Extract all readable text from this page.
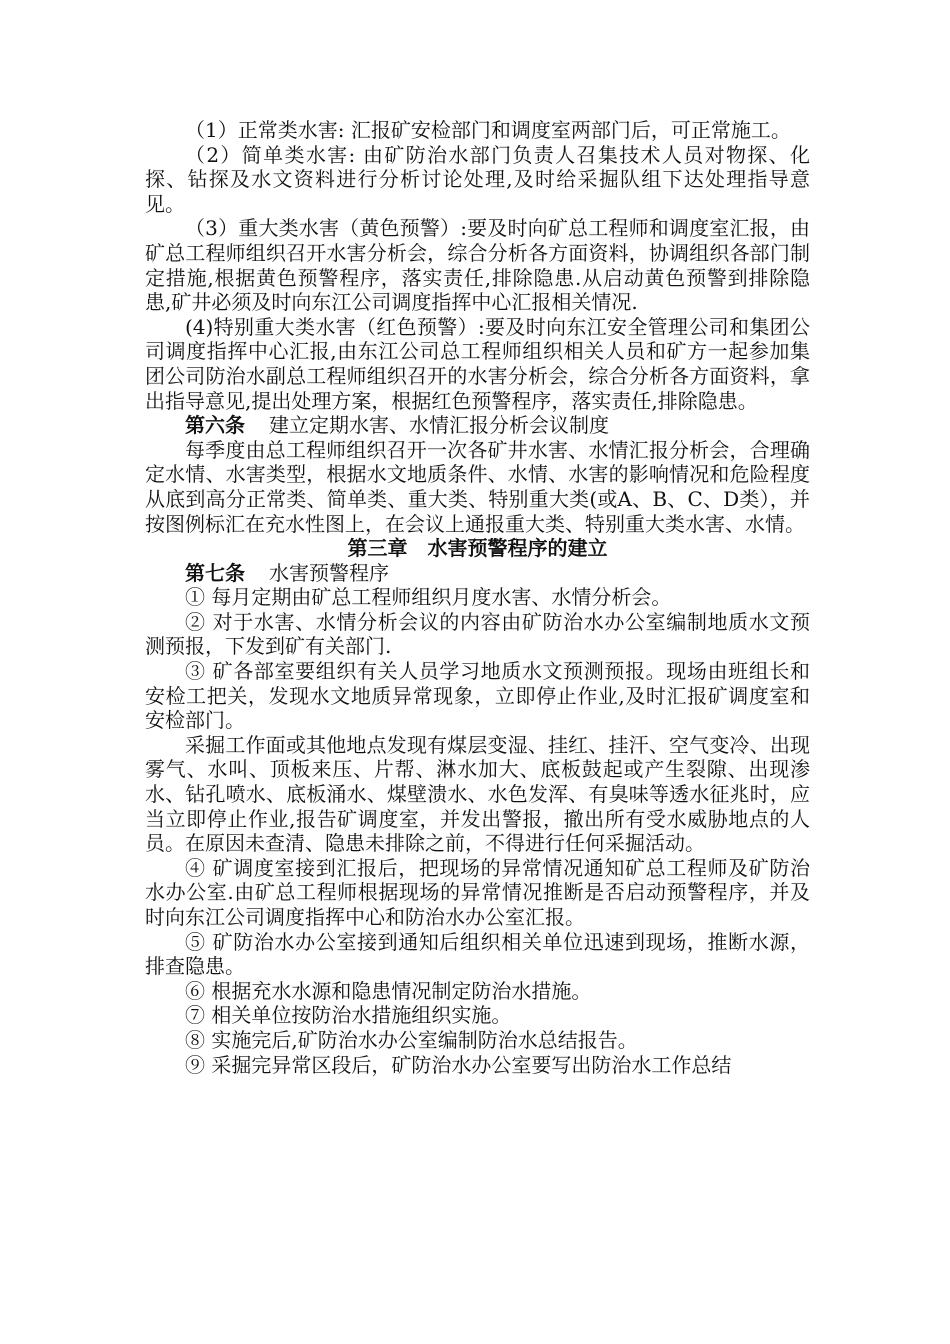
（1）正常类水害: 汇报矿安检部门和调度室两部门后，可正常施工。

（2）简单类水害: 由矿防治水部门负责人召集技术人员对物探、化探、钻探及水文资料进行分析讨论处理,及时给采掘队组下达处理指导意见。

（3）重大类水害（黄色预警）:要及时向矿总工程师和调度室汇报，由矿总工程师组织召开水害分析会，综合分析各方面资料，协调组织各部门制定措施,根据黄色预警程序，落实责任,排除隐患.从启动黄色预警到排除隐患,矿井必须及时向东江公司调度指挥中心汇报相关情况.

(4)特别重大类水害（红色预警）:要及时向东江安全管理公司和集团公司调度指挥中心汇报,由东江公司总工程师组织相关人员和矿方一起参加集团公司防治水副总工程师组织召开的水害分析会，综合分析各方面资料，拿出指导意见,提出处理方案，根据红色预警程序，落实责任,排除隐患。

第六条 建立定期水害、水情汇报分析会议制度

每季度由总工程师组织召开一次各矿井水害、水情汇报分析会，合理确定水情、水害类型，根据水文地质条件、水情、水害的影响情况和危险程度从底到高分正常类、简单类、重大类、特别重大类(或A、B、C、D类），并按图例标汇在充水性图上，在会议上通报重大类、特别重大类水害、水情。

第三章　水害预警程序的建立

第七条 水害预警程序

① 每月定期由矿总工程师组织月度水害、水情分析会。

② 对于水害、水情分析会议的内容由矿防治水办公室编制地质水文预测预报，下发到矿有关部门.

③ 矿各部室要组织有关人员学习地质水文预测预报。现场由班组长和安检工把关，发现水文地质异常现象，立即停止作业,及时汇报矿调度室和安检部门。

采掘工作面或其他地点发现有煤层变湿、挂红、挂汗、空气变冷、出现雾气、水叫、顶板来压、片帮、淋水加大、底板鼓起或产生裂隙、出现渗水、钻孔喷水、底板涌水、煤壁溃水、水色发浑、有臭味等透水征兆时，应当立即停止作业,报告矿调度室，并发出警报，撤出所有受水威胁地点的人员。在原因未查清、隐患未排除之前，不得进行任何采掘活动。

④ 矿调度室接到汇报后，把现场的异常情况通知矿总工程师及矿防治水办公室.由矿总工程师根据现场的异常情况推断是否启动预警程序，并及时向东江公司调度指挥中心和防治水办公室汇报。

⑤ 矿防治水办公室接到通知后组织相关单位迅速到现场，推断水源，排查隐患。

⑥ 根据充水水源和隐患情况制定防治水措施。

⑦ 相关单位按防治水措施组织实施。

⑧ 实施完后,矿防治水办公室编制防治水总结报告。

⑨ 采掘完异常区段后，矿防治水办公室要写出防治水工作总结
